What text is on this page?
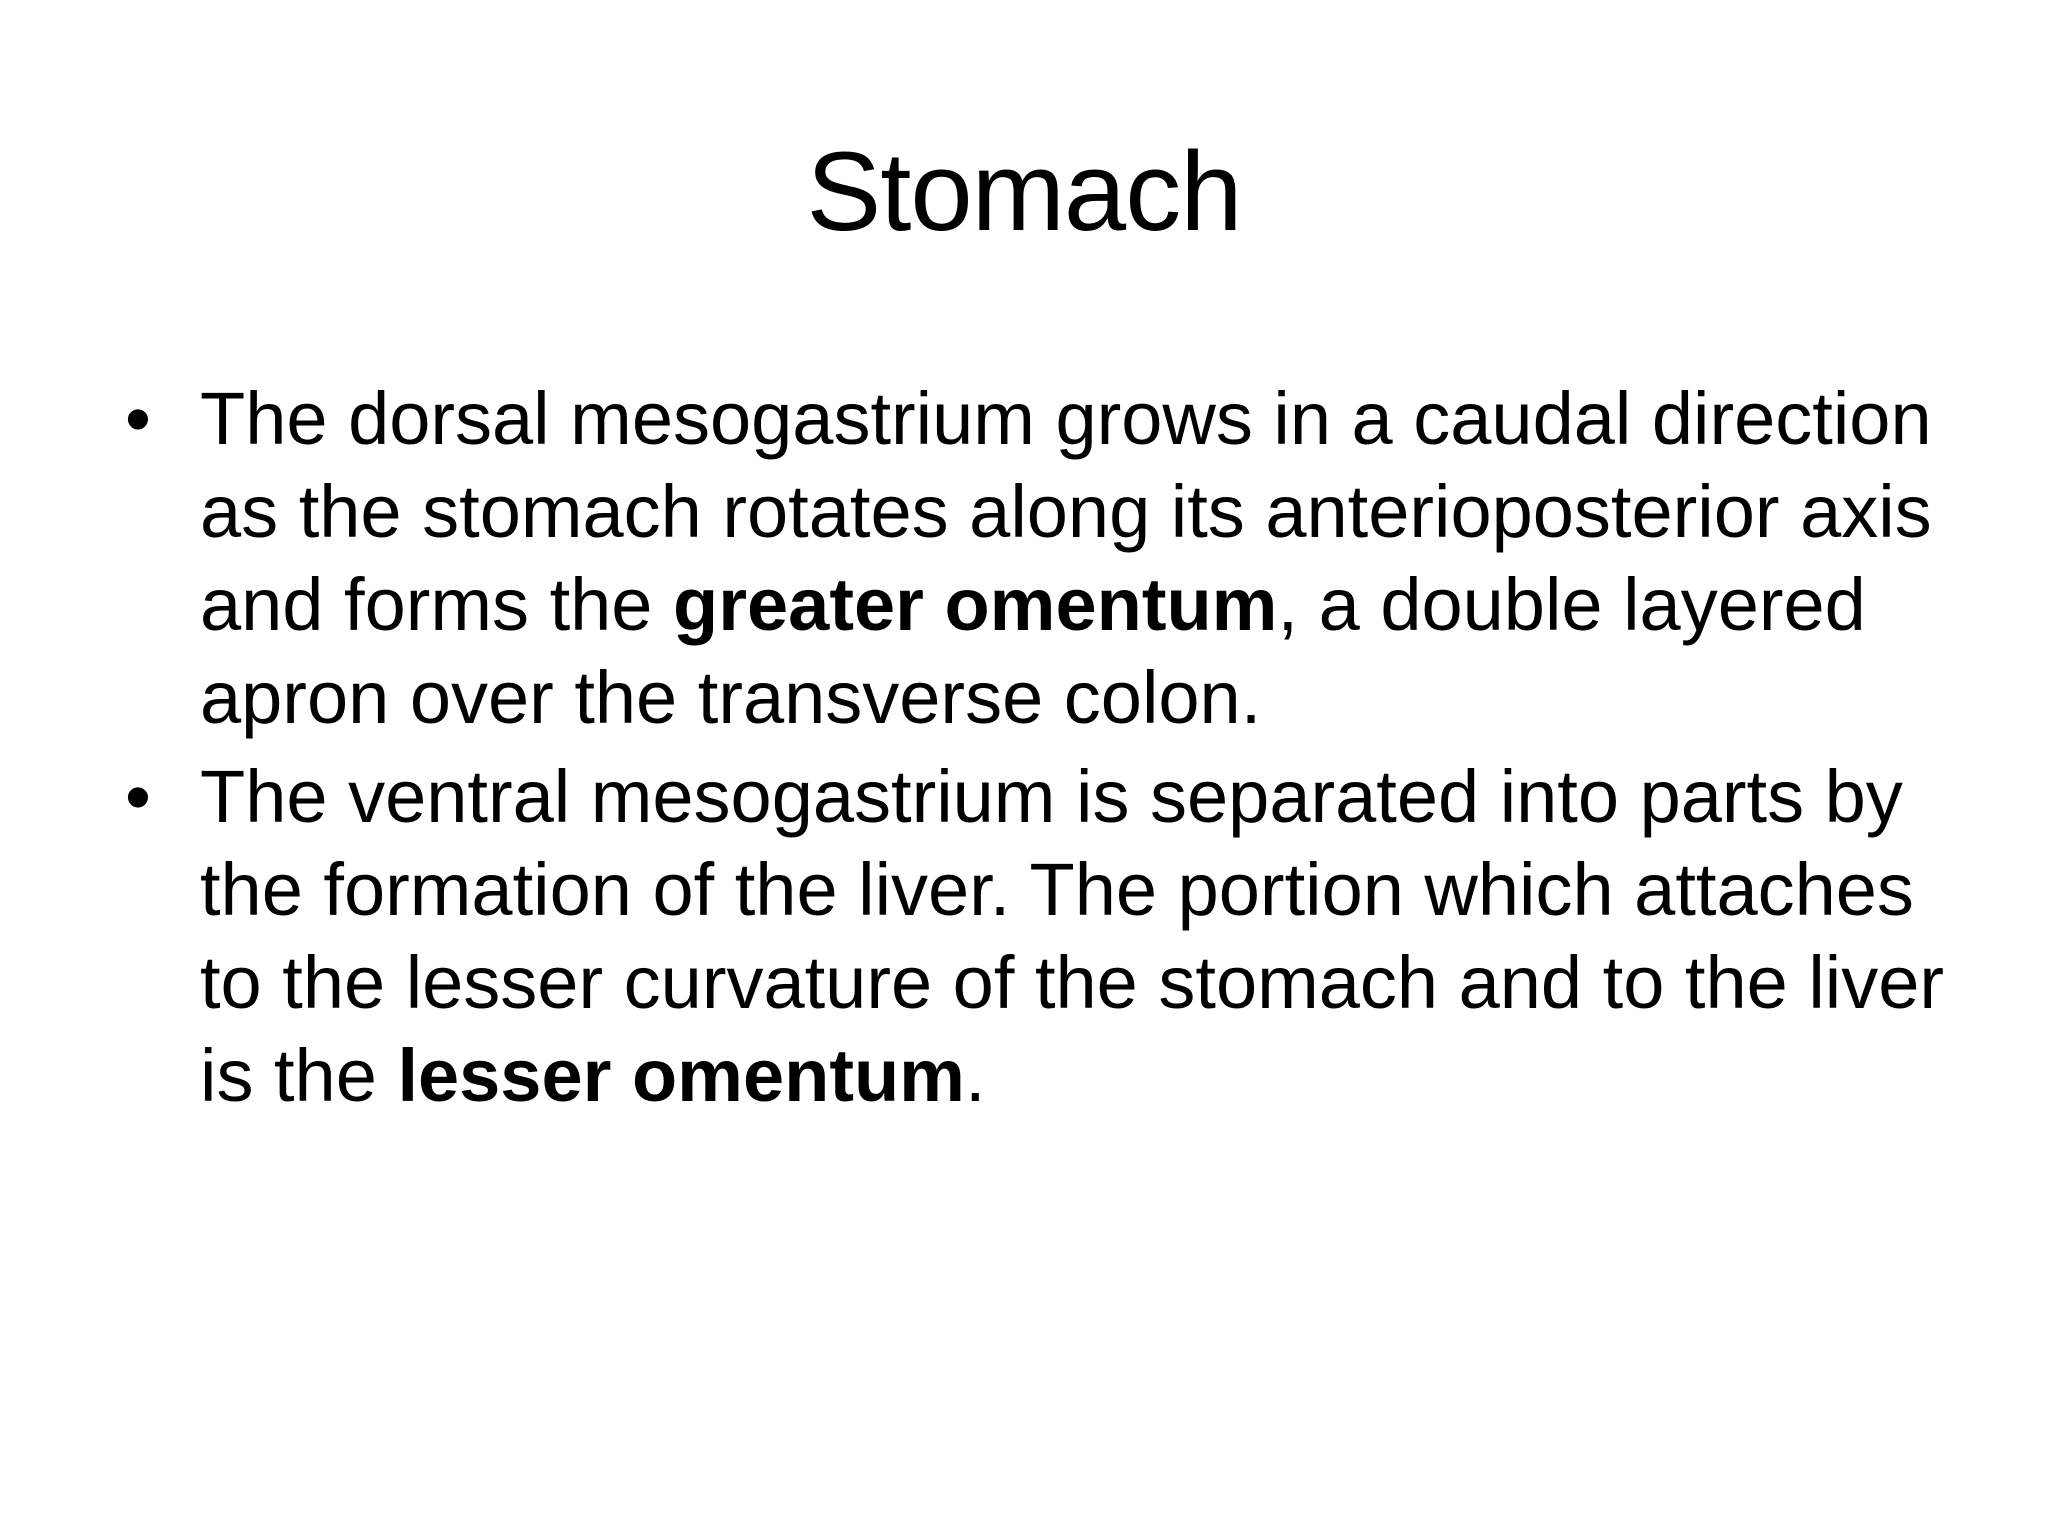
Stomach
• The dorsal mesogastrium grows in a caudal direction as the stomach rotates along its anterioposterior axis and forms the greater omentum, a double layered apron over the transverse colon.
• The ventral mesogastrium is separated into parts by the formation of the liver. The portion which attaches to the lesser curvature of the stomach and to the liver is the lesser omentum.
